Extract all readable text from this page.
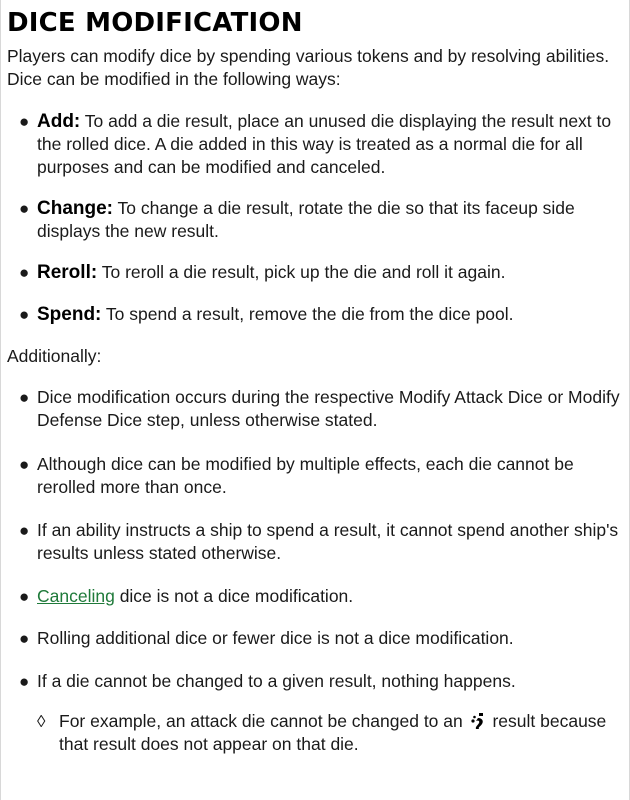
DICE MODIFICATION

Players can modify dice by spending various tokens and by resolving abilities. Dice can be modified in the following ways:

● Add: To add a die result, place an unused die displaying the result next to the rolled dice. A die added in this way is treated as a normal die for all purposes and can be modified and canceled.
● Change: To change a die result, rotate the die so that its faceup side displays the new result.
● Reroll: To reroll a die result, pick up the die and roll it again.
● Spend: To spend a result, remove the die from the dice pool.

Additionally:

● Dice modification occurs during the respective Modify Attack Dice or Modify Defense Dice step, unless otherwise stated.
● Although dice can be modified by multiple effects, each die cannot be rerolled more than once.
● If an ability instructs a ship to spend a result, it cannot spend another ship's results unless stated otherwise.
● Canceling dice is not a dice modification.
● Rolling additional dice or fewer dice is not a dice modification.
● If a die cannot be changed to a given result, nothing happens.
◊ For example, an attack die cannot be changed to an  result because that result does not appear on that die.
